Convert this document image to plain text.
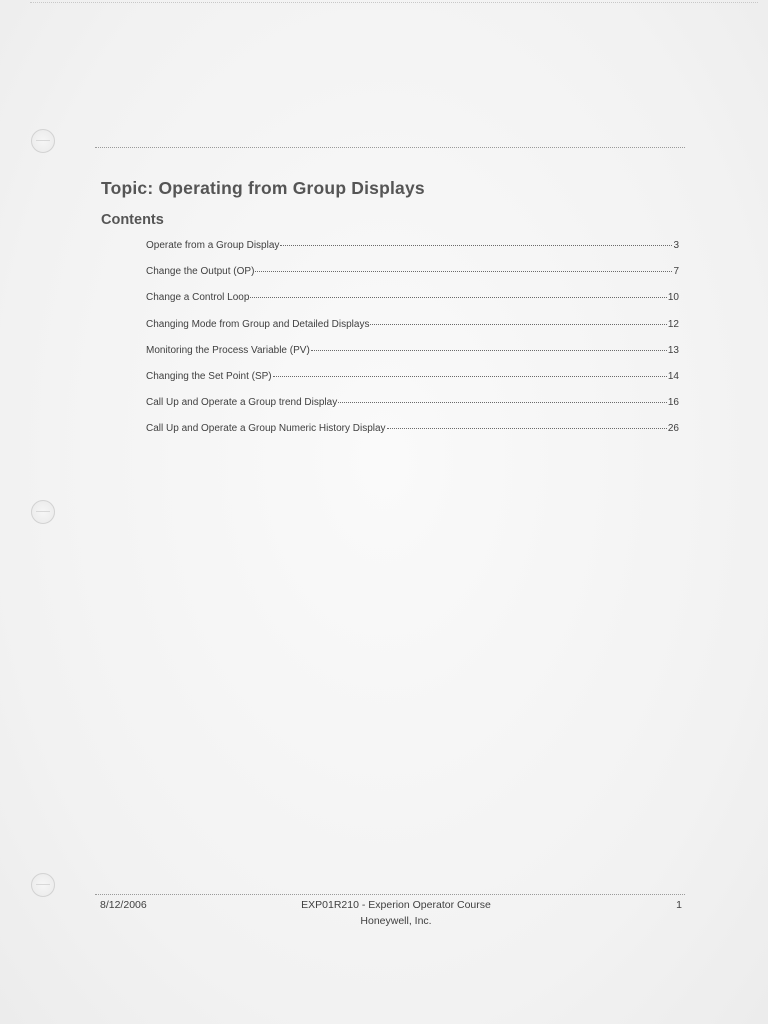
Topic: Operating from Group Displays
Contents
Operate from a Group Display	3
Change the Output (OP)	7
Change a Control Loop	10
Changing Mode from Group and Detailed Displays	12
Monitoring the Process Variable (PV)	13
Changing the Set Point (SP)	14
Call Up and Operate a Group trend Display	16
Call Up and Operate a Group Numeric History Display	26
8/12/2006	EXP01R210 - Experion Operator Course
Honeywell, Inc.
1
